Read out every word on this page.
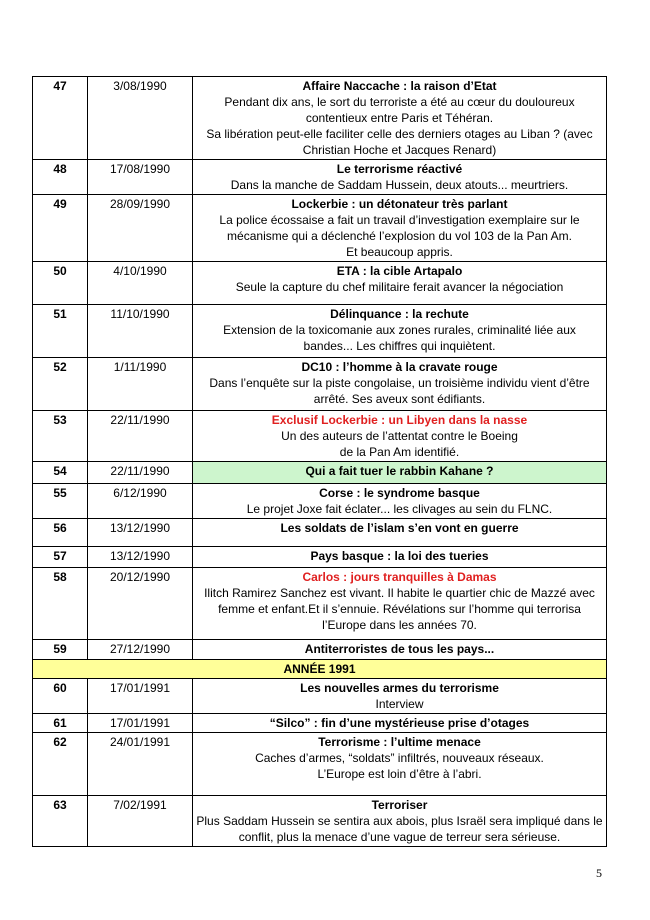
47	3/08/1990	Affaire Naccache : la raison d’Etat
Pendant dix ans, le sort du terroriste a été au cœur du douloureux
contentieux entre Paris et Téhéran.
Sa libération peut-elle faciliter celle des derniers otages au Liban ? (avec
Christian Hoche et Jacques Renard)

48	17/08/1990	Le terrorisme réactivé
Dans la manche de Saddam Hussein, deux atouts... meurtriers.

49	28/09/1990	Lockerbie : un détonateur très parlant
La police écossaise a fait un travail d’investigation exemplaire sur le
mécanisme qui a déclenché l’explosion du vol 103 de la Pan Am.
Et beaucoup appris.

50	4/10/1990	ETA : la cible Artapalo
Seule la capture du chef militaire ferait avancer la négociation

51	11/10/1990	Délinquance : la rechute
Extension de la toxicomanie aux zones rurales, criminalité liée aux
bandes... Les chiffres qui inquiètent.

52	1/11/1990	DC10 : l’homme à la cravate rouge
Dans l’enquête sur la piste congolaise, un troisième individu vient d’être
arrêté. Ses aveux sont édifiants.

53	22/11/1990	Exclusif Lockerbie : un Libyen dans la nasse
Un des auteurs de l’attentat contre le Boeing
de la Pan Am identifié.

54	22/11/1990	Qui a fait tuer le rabbin Kahane ?

55	6/12/1990	Corse : le syndrome basque
Le projet Joxe fait éclater... les clivages au sein du FLNC.

56	13/12/1990	Les soldats de l’islam s’en vont en guerre

57	13/12/1990	Pays basque : la loi des tueries

58	20/12/1990	Carlos : jours tranquilles à Damas
Ilitch Ramirez Sanchez est vivant. Il habite le quartier chic de Mazzé avec
femme et enfant.Et il s’ennuie. Révélations sur l’homme qui terrorisa
l’Europe dans les années 70.

59	27/12/1990	Antiterroristes de tous les pays...

ANNÉE 1991		
60	17/01/1991	Les nouvelles armes du terrorisme
Interview

61	17/01/1991	“Silco” : fin d’une mystérieuse prise d’otages

62	24/01/1991	Terrorisme : l’ultime menace
Caches d’armes, “soldats” infiltrés, nouveaux réseaux.
L’Europe est loin d’être à l’abri.

63	7/02/1991	Terroriser
Plus Saddam Hussein se sentira aux abois, plus Israël sera impliqué dans le
conflit, plus la menace d’une vague de terreur sera sérieuse.
5
